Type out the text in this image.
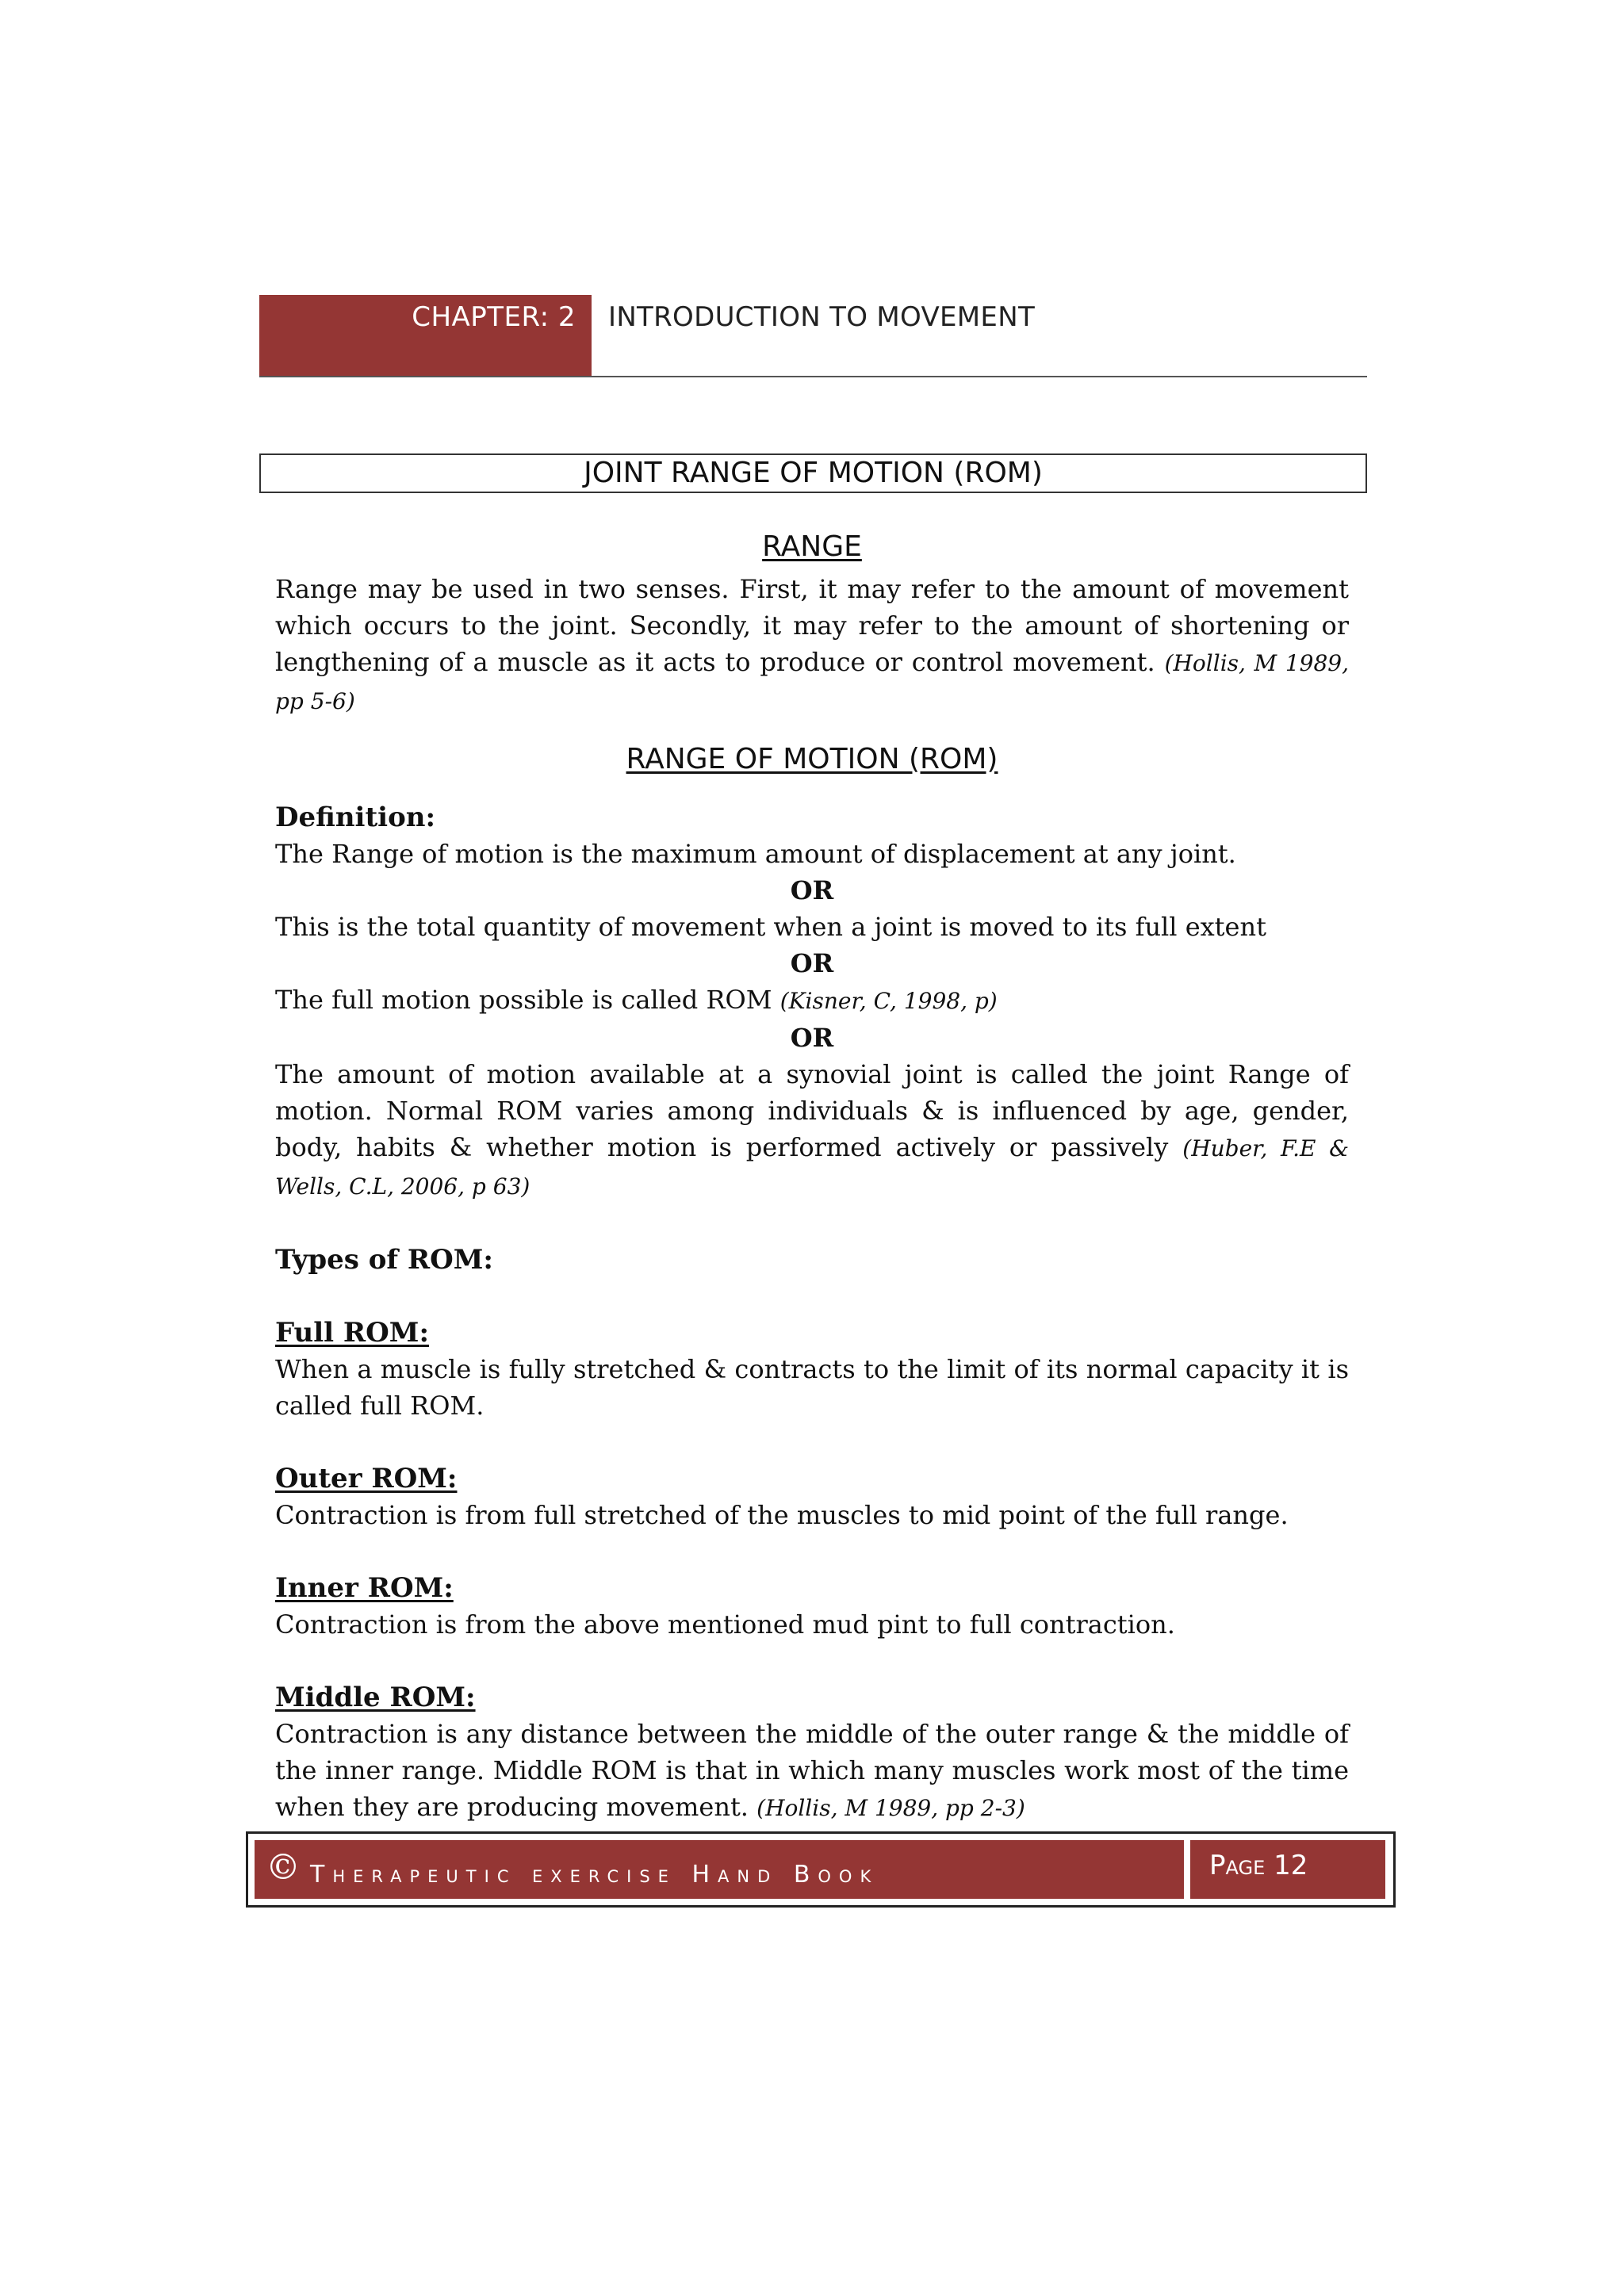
CHAPTER: 2 INTRODUCTION TO MOVEMENT
JOINT RANGE OF MOTION (ROM)

RANGE

Range may be used in two senses. First, it may refer to the amount of movement which occurs to the joint. Secondly, it may refer to the amount of shortening or lengthening of a muscle as it acts to produce or control movement. (Hollis, M 1989, pp 5-6)

RANGE OF MOTION (ROM)

Definition:

The Range of motion is the maximum amount of displacement at any joint.

OR

This is the total quantity of movement when a joint is moved to its full extent

OR

The full motion possible is called ROM (Kisner, C, 1998, p)

OR

The amount of motion available at a synovial joint is called the joint Range of motion. Normal ROM varies among individuals & is influenced by age, gender, body, habits & whether motion is performed actively or passively (Huber, F.E & Wells, C.L, 2006, p 63)

Types of ROM:

Full ROM:

When a muscle is fully stretched & contracts to the limit of its normal capacity it is called full ROM.

Outer ROM:

Contraction is from full stretched of the muscles to mid point of the full range.

Inner ROM:

Contraction is from the above mentioned mud pint to full contraction.

Middle ROM:

Contraction is any distance between the middle of the outer range & the middle of the inner range. Middle ROM is that in which many muscles work most of the time when they are producing movement. (Hollis, M 1989, pp 2-3)

© Therapeutic exercise Hand Book	Page 12
